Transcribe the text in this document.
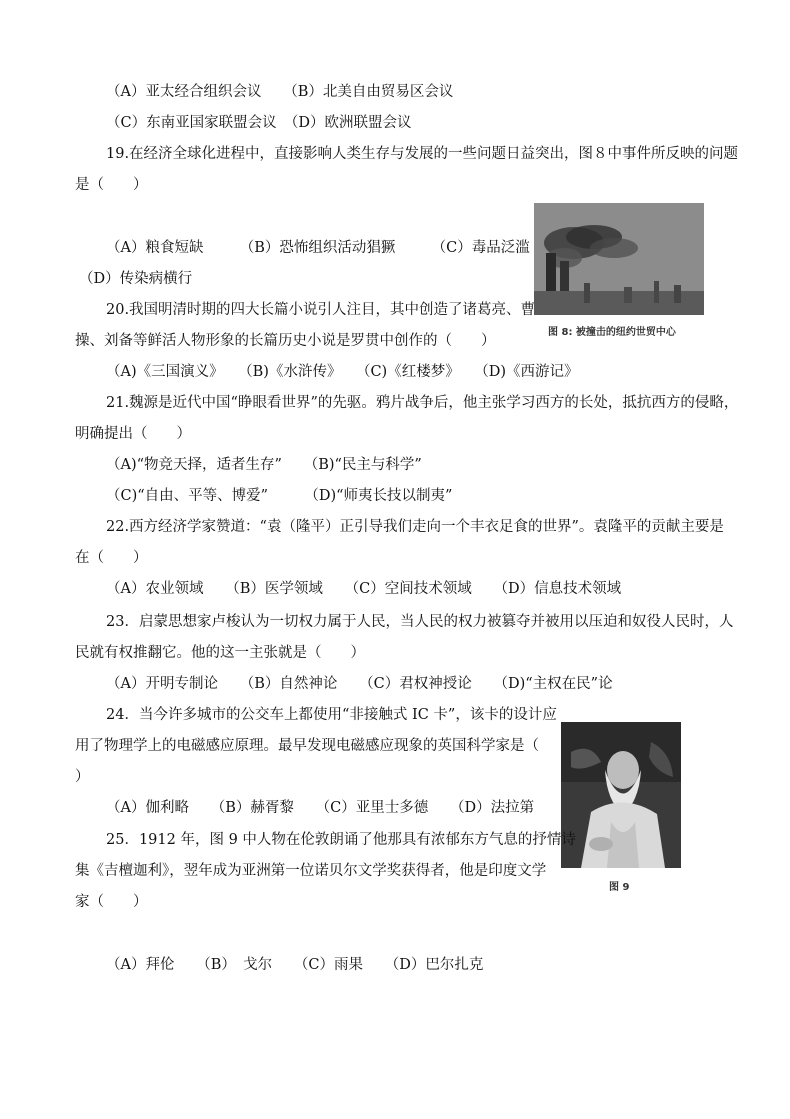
（A）亚太经合组织会议　　（B）北美自由贸易区会议
（C）东南亚国家联盟会议　（D）欧洲联盟会议
19.在经济全球化进程中，直接影响人类生存与发展的一些问题日益突出，图８中事件所反映的问题
是（　　）
图 8: 被撞击的纽约世贸中心
（A）粮食短缺　　　（B）恐怖组织活动猖獗　　　（C）毒品泛滥
（D）传染病横行
20.我国明清时期的四大长篇小说引人注目，其中创造了诸葛亮、曹
操、刘备等鲜活人物形象的长篇历史小说是罗贯中创作的（　　）
（A)《三国演义》　　（B)《水浒传》　　（C)《红楼梦》　　（D)《西游记》
21.魏源是近代中国“睁眼看世界”的先驱。鸦片战争后，他主张学习西方的长处，抵抗西方的侵略，
明确提出（　　）
（A)“物竞天择，适者生存”　　（B)“民主与科学”
（C)“自由、平等、博爱”　　　（D)“师夷长技以制夷”
22.西方经济学家赞道：“袁（隆平）正引导我们走向一个丰衣足食的世界”。袁隆平的贡献主要是
在（　　）
（A）农业领域　　（B）医学领域　　（C）空间技术领域　　（D）信息技术领域
23．启蒙思想家卢梭认为一切权力属于人民，当人民的权力被篡夺并被用以压迫和奴役人民时，人
民就有权推翻它。他的这一主张就是（　　）
（A）开明专制论　　（B）自然神论　　（C）君权神授论　　（D)“主权在民”论
图 9
24．当今许多城市的公交车上都使用“非接触式 IC 卡”，该卡的设计应
用了物理学上的电磁感应原理。最早发现电磁感应现象的英国科学家是（
）
（A）伽利略　　（B）赫胥黎　　（C）亚里士多德　　（D）法拉第
25．1912 年，图 9 中人物在伦敦朗诵了他那具有浓郁东方气息的抒情诗
集《吉檀迦利》，翌年成为亚洲第一位诺贝尔文学奖获得者，他是印度文学
家（　　）
（A）拜伦　　（B）　戈尔　　（C）雨果　　（D）巴尔扎克
